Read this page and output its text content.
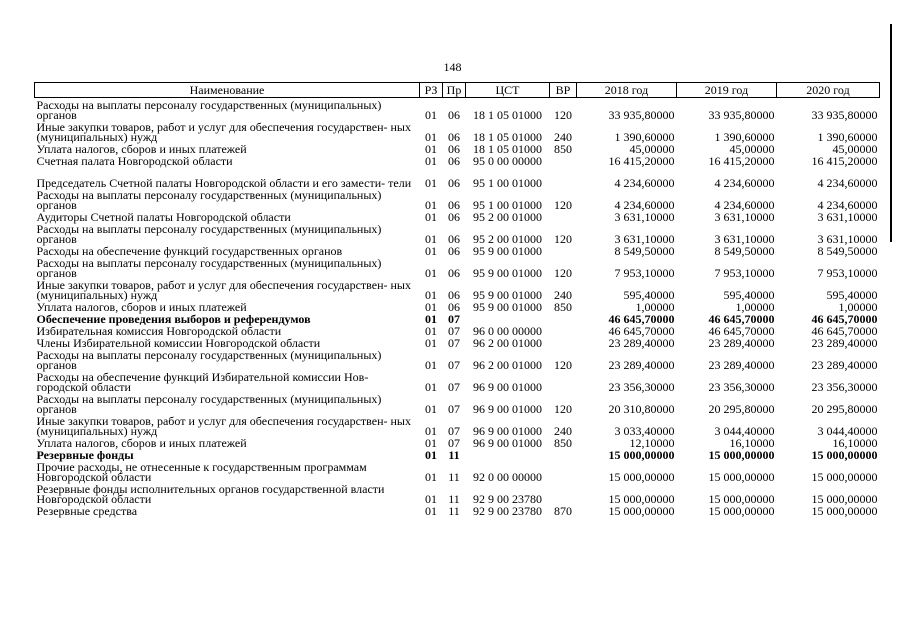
148
Наименование	РЗ	Пр	ЦСТ	ВР	2018 год	2019 год	2020 год
Расходы на выплаты персоналу государственных (муниципальных) органов	01	06	18 1 05 01000	120	33 935,80000	33 935,80000	33 935,80000
Иные закупки товаров, работ и услуг для обеспечения государствен- ных (муниципальных) нужд	01	06	18 1 05 01000	240	1 390,60000	1 390,60000	1 390,60000
Уплата налогов, сборов и иных платежей	01	06	18 1 05 01000	850	45,00000	45,00000	45,00000
Счетная палата Новгородской области	01	06	95 0 00 00000		16 415,20000	16 415,20000	16 415,20000
Председатель Счетной палаты Новгородской области и его замести- тели	01	06	95 1 00 01000		4 234,60000	4 234,60000	4 234,60000
Расходы на выплаты персоналу государственных (муниципальных) органов	01	06	95 1 00 01000	120	4 234,60000	4 234,60000	4 234,60000
Аудиторы Счетной палаты Новгородской области	01	06	95 2 00 01000		3 631,10000	3 631,10000	3 631,10000
Расходы на выплаты персоналу государственных (муниципальных) органов	01	06	95 2 00 01000	120	3 631,10000	3 631,10000	3 631,10000
Расходы на обеспечение функций государственных органов	01	06	95 9 00 01000		8 549,50000	8 549,50000	8 549,50000
Расходы на выплаты персоналу государственных (муниципальных) органов	01	06	95 9 00 01000	120	7 953,10000	7 953,10000	7 953,10000
Иные закупки товаров, работ и услуг для обеспечения государствен- ных (муниципальных) нужд	01	06	95 9 00 01000	240	595,40000	595,40000	595,40000
Уплата налогов, сборов и иных платежей	01	06	95 9 00 01000	850	1,00000	1,00000	1,00000
Обеспечение проведения выборов и референдумов	01	07			46 645,70000	46 645,70000	46 645,70000
Избирательная комиссия Новгородской области	01	07	96 0 00 00000		46 645,70000	46 645,70000	46 645,70000
Члены Избирательной комиссии Новгородской области	01	07	96 2 00 01000		23 289,40000	23 289,40000	23 289,40000
Расходы на выплаты персоналу государственных (муниципальных) органов	01	07	96 2 00 01000	120	23 289,40000	23 289,40000	23 289,40000
Расходы на обеспечение функций Избирательной комиссии Нов- городской области	01	07	96 9 00 01000		23 356,30000	23 356,30000	23 356,30000
Расходы на выплаты персоналу государственных (муниципальных) органов	01	07	96 9 00 01000	120	20 310,80000	20 295,80000	20 295,80000
Иные закупки товаров, работ и услуг для обеспечения государствен- ных (муниципальных) нужд	01	07	96 9 00 01000	240	3 033,40000	3 044,40000	3 044,40000
Уплата налогов, сборов и иных платежей	01	07	96 9 00 01000	850	12,10000	16,10000	16,10000
Резервные фонды	01	11			15 000,00000	15 000,00000	15 000,00000
Прочие расходы, не отнесенные к государственным программам Новгородской области	01	11	92 0 00 00000		15 000,00000	15 000,00000	15 000,00000
Резервные фонды исполнительных органов государственной власти Новгородской области	01	11	92 9 00 23780		15 000,00000	15 000,00000	15 000,00000
Резервные средства	01	11	92 9 00 23780	870	15 000,00000	15 000,00000	15 000,00000
